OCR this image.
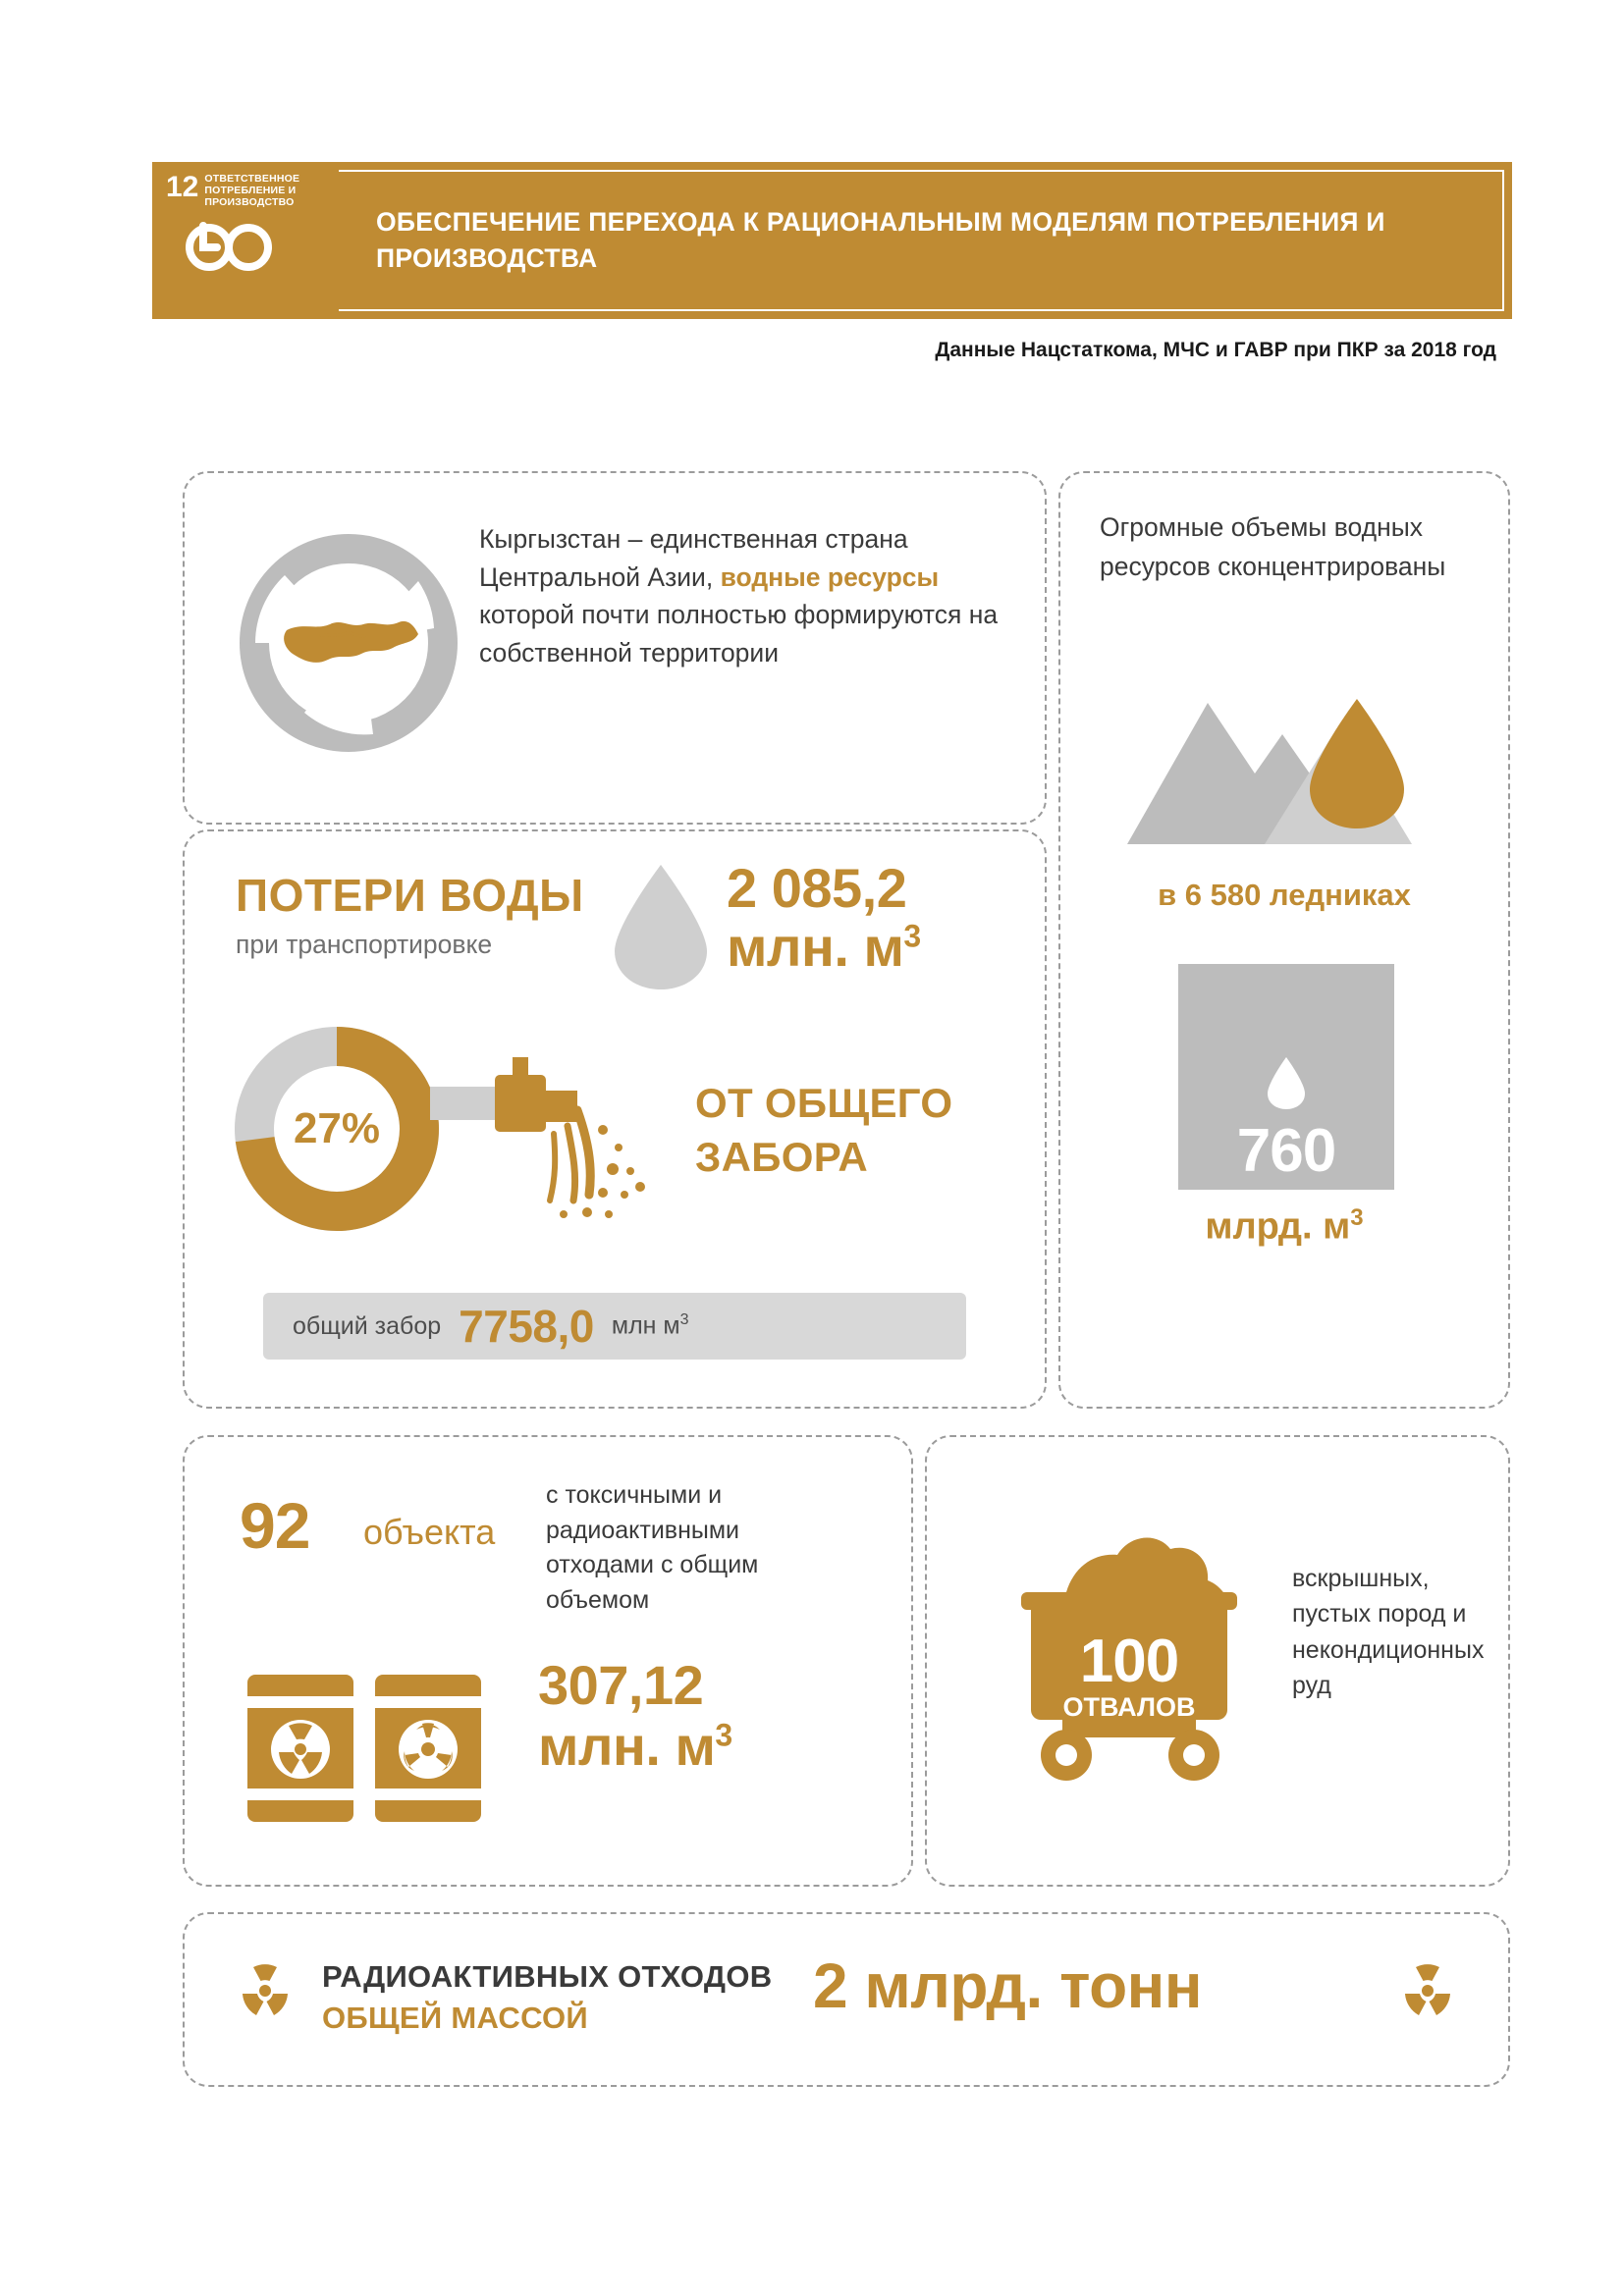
12 ОТВЕТСТВЕННОЕ ПОТРЕБЛЕНИЕ И ПРОИЗВОДСТВО
ОБЕСПЕЧЕНИЕ ПЕРЕХОДА К РАЦИОНАЛЬНЫМ МОДЕЛЯМ ПОТРЕБЛЕНИЯ И ПРОИЗВОДСТВА
Данные Нацстаткома, МЧС и ГАВР при ПКР за 2018 год
Кыргызстан – единственная страна Центральной Азии, водные ресурсы которой почти полностью формируются на собственной территории
ПОТЕРИ ВОДЫ
при транспортировке
2 085,2
млн. $м^3$
27%
ОТ ОБЩЕГО ЗАБОРА
общий забор 7758,0 млн $м^3$
Огромные объемы водных ресурсов сконцентрированы
в 6 580 ледниках
760
млрд. $м^3$
92 объекта
с токсичными и радиоактивными отходами с общим объемом
307,12
млн. $м^3$
100
ОТВАЛОВ
вскрышных, пустых пород и некондиционных руд
РАДИОАКТИВНЫХ ОТХОДОВ
ОБЩЕЙ МАССОЙ	2 млрд. тонн
